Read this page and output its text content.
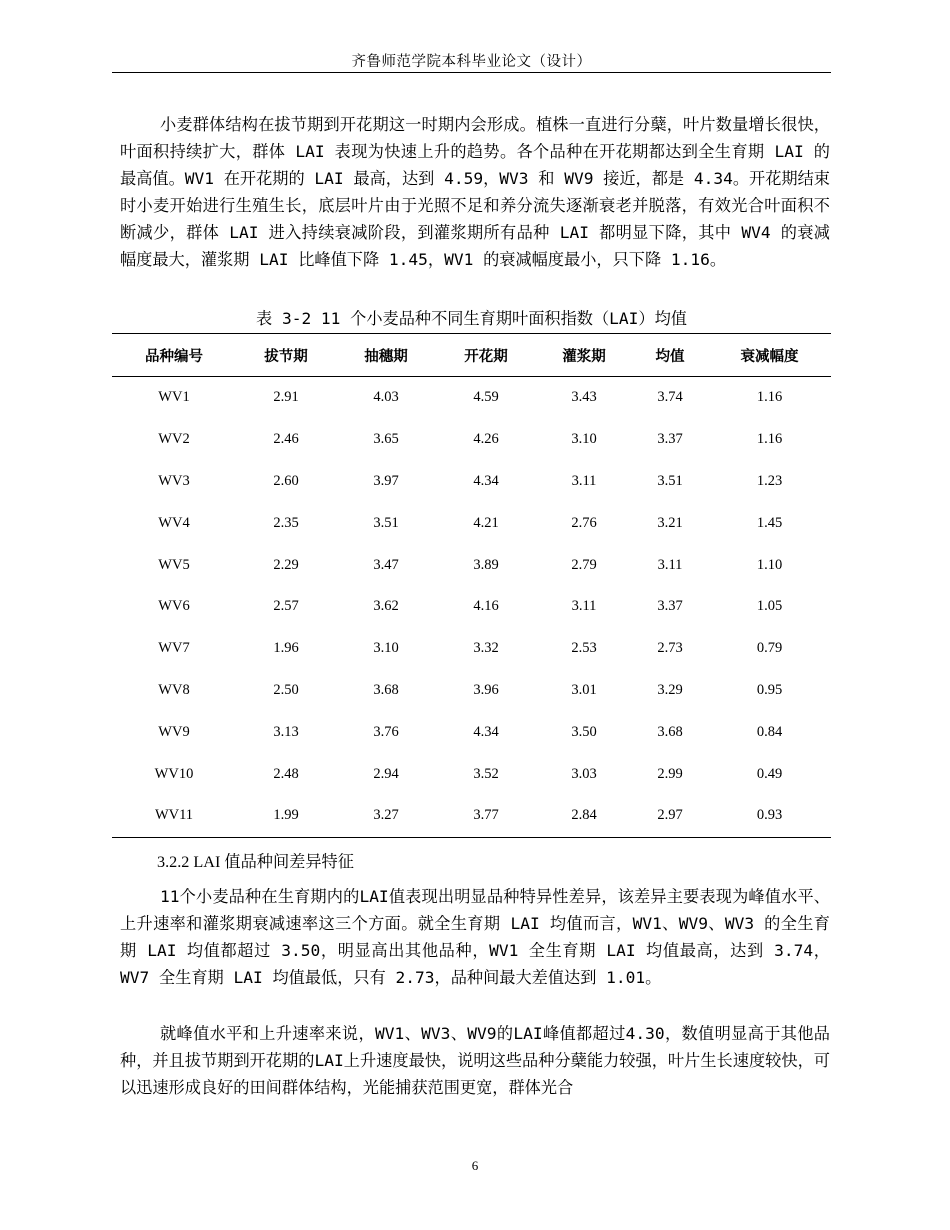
齐鲁师范学院本科毕业论文（设计）

小麦群体结构在拔节期到开花期这一时期内会形成。植株一直进行分蘖，叶片数量增长很快，叶面积持续扩大，群体 LAI 表现为快速上升的趋势。各个品种在开花期都达到全生育期 LAI 的最高值。WV1 在开花期的 LAI 最高，达到 4.59，WV3 和 WV9 接近，都是 4.34。开花期结束时小麦开始进行生殖生长，底层叶片由于光照不足和养分流失逐渐衰老并脱落，有效光合叶面积不断减少，群体 LAI 进入持续衰减阶段，到灌浆期所有品种 LAI 都明显下降，其中 WV4 的衰减幅度最大，灌浆期 LAI 比峰值下降 1.45，WV1 的衰减幅度最小，只下降 1.16。

表 3-2 11 个小麦品种不同生育期叶面积指数（LAI）均值
品种编号	拔节期	抽穗期	开花期	灌浆期	均值	衰减幅度
WV1	2.91	4.03	4.59	3.43	3.74	1.16
WV2	2.46	3.65	4.26	3.10	3.37	1.16
WV3	2.60	3.97	4.34	3.11	3.51	1.23
WV4	2.35	3.51	4.21	2.76	3.21	1.45
WV5	2.29	3.47	3.89	2.79	3.11	1.10
WV6	2.57	3.62	4.16	3.11	3.37	1.05
WV7	1.96	3.10	3.32	2.53	2.73	0.79
WV8	2.50	3.68	3.96	3.01	3.29	0.95
WV9	3.13	3.76	4.34	3.50	3.68	0.84
WV10	2.48	2.94	3.52	3.03	2.99	0.49
WV11	1.99	3.27	3.77	2.84	2.97	0.93
3.2.2 LAI 值品种间差异特征

11个小麦品种在生育期内的LAI值表现出明显品种特异性差异，该差异主要表现为峰值水平、上升速率和灌浆期衰减速率这三个方面。就全生育期 LAI 均值而言，WV1、WV9、WV3 的全生育期 LAI 均值都超过 3.50，明显高出其他品种，WV1 全生育期 LAI 均值最高，达到 3.74，WV7 全生育期 LAI 均值最低，只有 2.73，品种间最大差值达到 1.01。

就峰值水平和上升速率来说，WV1、WV3、WV9的LAI峰值都超过4.30，数值明显高于其他品种，并且拔节期到开花期的LAI上升速度最快，说明这些品种分蘖能力较强，叶片生长速度较快，可以迅速形成良好的田间群体结构，光能捕获范围更宽，群体光合

6
